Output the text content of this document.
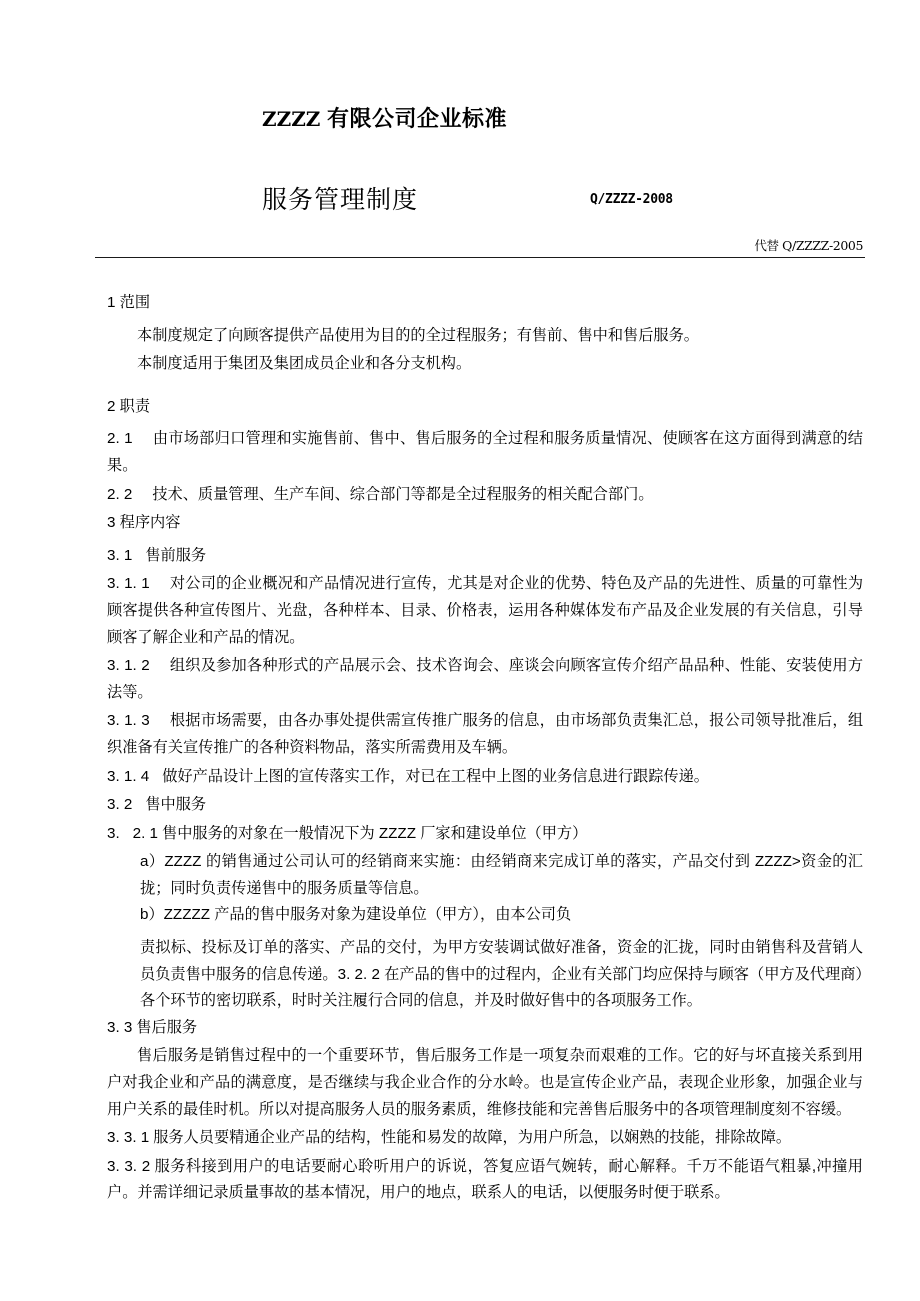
ZZZZ 有限公司企业标准
服务管理制度	Q/ZZZZ-2008
代替 Q/ZZZZ-2005

1 范围

本制度规定了向顾客提供产品使用为目的的全过程服务；有售前、售中和售后服务。

本制度适用于集团及集团成员企业和各分支机构。

2 职责

2. 1 由市场部归口管理和实施售前、售中、售后服务的全过程和服务质量情况、使顾客在这方面得到满意的结果。

2. 2 技术、质量管理、生产车间、综合部门等都是全过程服务的相关配合部门。

3 程序内容

3. 1 售前服务

3. 1. 1 对公司的企业概况和产品情况进行宣传，尤其是对企业的优势、特色及产品的先进性、质量的可靠性为顾客提供各种宣传图片、光盘，各种样本、目录、价格表，运用各种媒体发布产品及企业发展的有关信息，引导顾客了解企业和产品的情况。

3. 1. 2 组织及参加各种形式的产品展示会、技术咨询会、座谈会向顾客宣传介绍产品品种、性能、安装使用方法等。

3. 1. 3 根据市场需要，由各办事处提供需宣传推广服务的信息，由市场部负责集汇总，报公司领导批准后，组织准备有关宣传推广的各种资料物品，落实所需费用及车辆。

3. 1. 4 做好产品设计上图的宣传落实工作，对已在工程中上图的业务信息进行跟踪传递。

3. 2 售中服务

3. 2. 1 售中服务的对象在一般情况下为 ZZZZ 厂家和建设单位（甲方）

a）ZZZZ 的销售通过公司认可的经销商来实施：由经销商来完成订单的落实，产品交付到 ZZZZ>资金的汇拢；同时负责传递售中的服务质量等信息。

b）ZZZZZ 产品的售中服务对象为建设单位（甲方），由本公司负

责拟标、投标及订单的落实、产品的交付，为甲方安装调试做好准备，资金的汇拢，同时由销售科及营销人员负责售中服务的信息传递。3. 2. 2 在产品的售中的过程内，企业有关部门均应保持与顾客（甲方及代理商）各个环节的密切联系，时时关注履行合同的信息，并及时做好售中的各项服务工作。

3. 3 售后服务

售后服务是销售过程中的一个重要环节，售后服务工作是一项复杂而艰难的工作。它的好与坏直接关系到用户对我企业和产品的满意度，是否继续与我企业合作的分水岭。也是宣传企业产品，表现企业形象，加强企业与用户关系的最佳时机。所以对提高服务人员的服务素质，维修技能和完善售后服务中的各项管理制度刻不容缓。

3. 3. 1 服务人员要精通企业产品的结构，性能和易发的故障，为用户所急，以娴熟的技能，排除故障。

3. 3. 2 服务科接到用户的电话要耐心聆听用户的诉说，答复应语气婉转，耐心解释。千万不能语气粗暴,冲撞用户。并需详细记录质量事故的基本情况，用户的地点，联系人的电话，以便服务时便于联系。
